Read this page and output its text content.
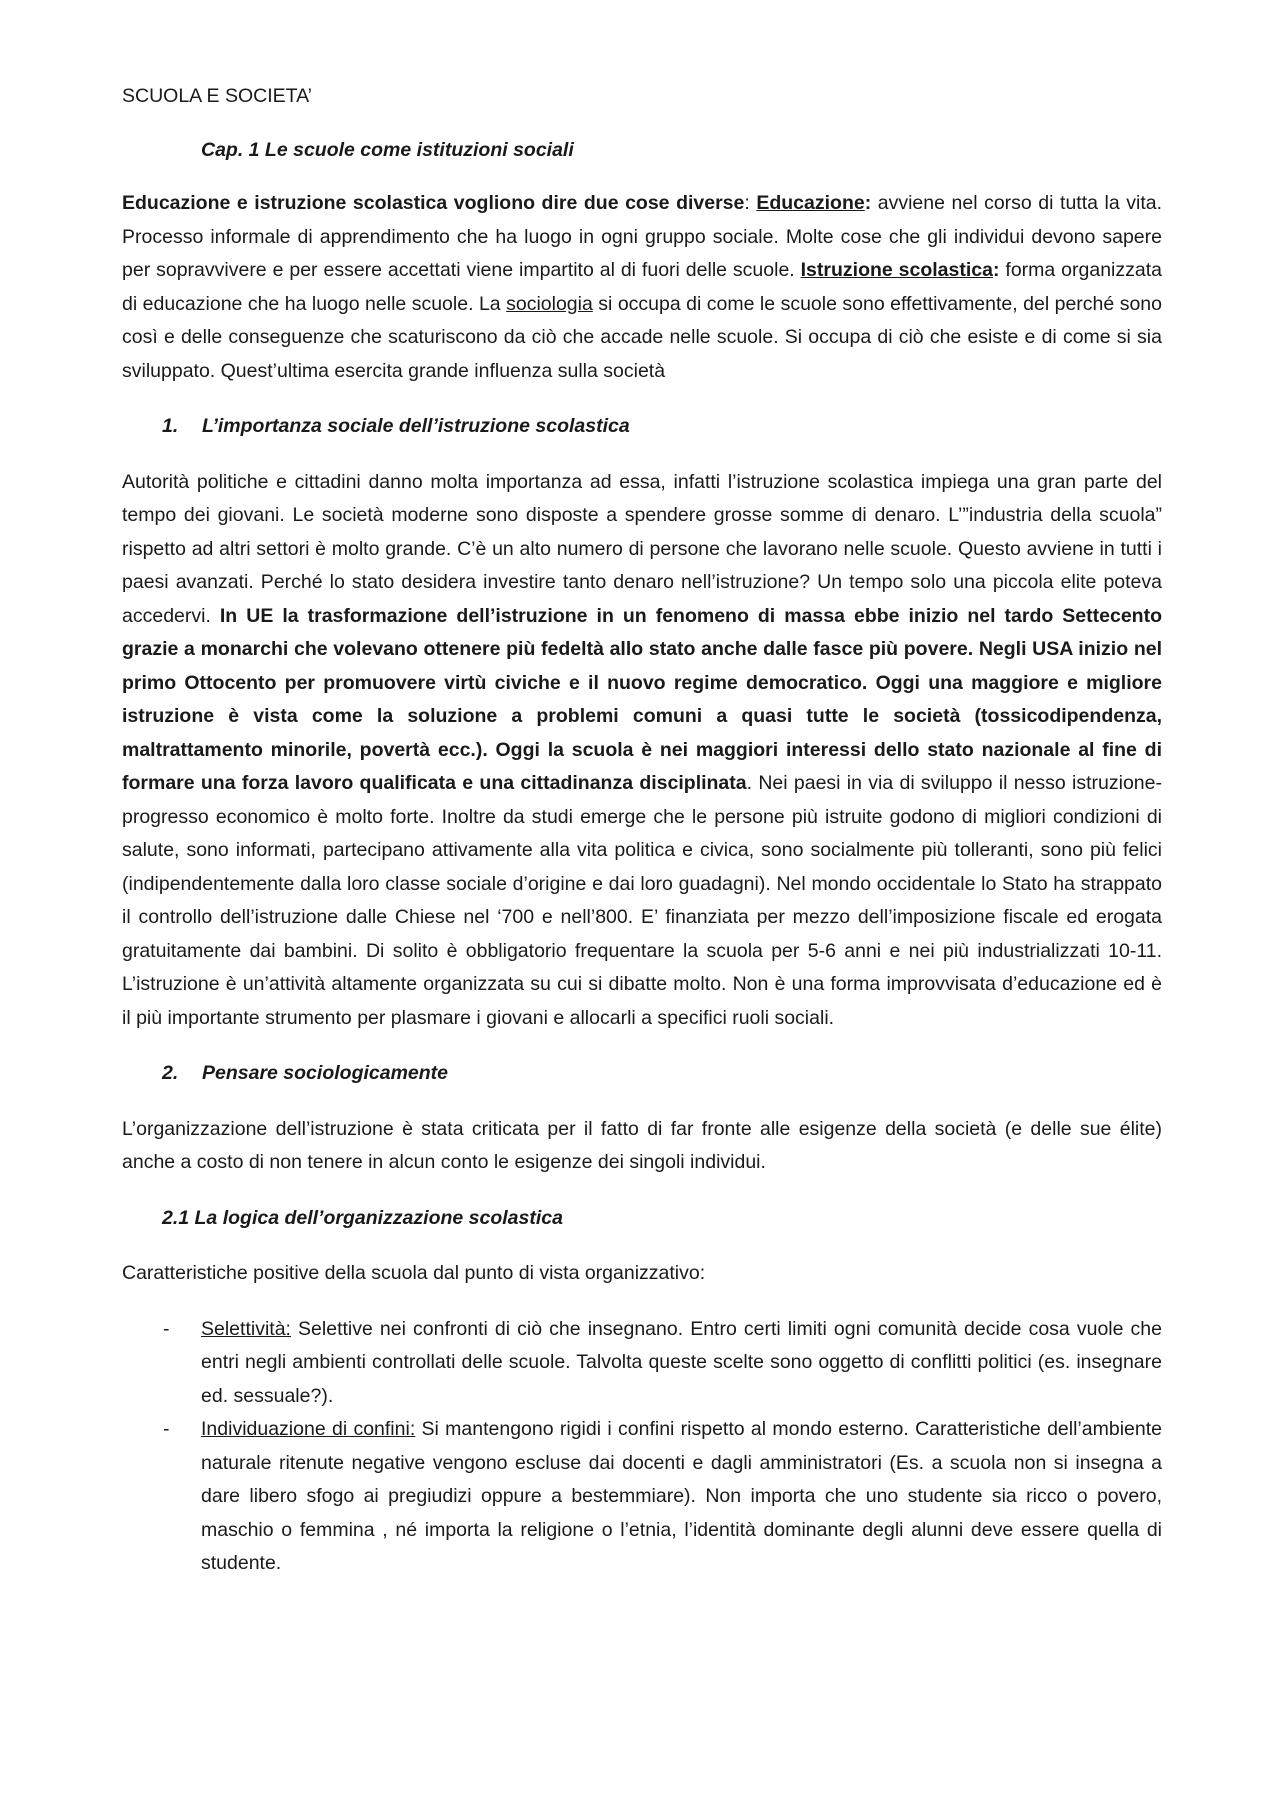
SCUOLA E SOCIETA’
Cap. 1 Le scuole come istituzioni sociali

Educazione e istruzione scolastica vogliono dire due cose diverse: Educazione: avviene nel corso di tutta la vita. Processo informale di apprendimento che ha luogo in ogni gruppo sociale. Molte cose che gli individui devono sapere per sopravvivere e per essere accettati viene impartito al di fuori delle scuole. Istruzione scolastica: forma organizzata di educazione che ha luogo nelle scuole. La sociologia si occupa di come le scuole sono effettivamente, del perché sono così e delle conseguenze che scaturiscono da ciò che accade nelle scuole. Si occupa di ciò che esiste e di come si sia sviluppato. Quest’ultima esercita grande influenza sulla società

1. L’importanza sociale dell’istruzione scolastica

Autorità politiche e cittadini danno molta importanza ad essa, infatti l’istruzione scolastica impiega una gran parte del tempo dei giovani. Le società moderne sono disposte a spendere grosse somme di denaro. L’”industria della scuola” rispetto ad altri settori è molto grande. C’è un alto numero di persone che lavorano nelle scuole. Questo avviene in tutti i paesi avanzati. Perché lo stato desidera investire tanto denaro nell’istruzione? Un tempo solo una piccola elite poteva accedervi. In UE la trasformazione dell’istruzione in un fenomeno di massa ebbe inizio nel tardo Settecento grazie a monarchi che volevano ottenere più fedeltà allo stato anche dalle fasce più povere. Negli USA inizio nel primo Ottocento per promuovere virtù civiche e il nuovo regime democratico. Oggi una maggiore e migliore istruzione è vista come la soluzione a problemi comuni a quasi tutte le società (tossicodipendenza, maltrattamento minorile, povertà ecc.). Oggi la scuola è nei maggiori interessi dello stato nazionale al fine di formare una forza lavoro qualificata e una cittadinanza disciplinata. Nei paesi in via di sviluppo il nesso istruzione-progresso economico è molto forte. Inoltre da studi emerge che le persone più istruite godono di migliori condizioni di salute, sono informati, partecipano attivamente alla vita politica e civica, sono socialmente più tolleranti, sono più felici (indipendentemente dalla loro classe sociale d’origine e dai loro guadagni). Nel mondo occidentale lo Stato ha strappato il controllo dell’istruzione dalle Chiese nel ‘700 e nell’800. E’ finanziata per mezzo dell’imposizione fiscale ed erogata gratuitamente dai bambini. Di solito è obbligatorio frequentare la scuola per 5-6 anni e nei più industrializzati 10-11. L’istruzione è un’attività altamente organizzata su cui si dibatte molto. Non è una forma improvvisata d’educazione ed è il più importante strumento per plasmare i giovani e allocarli a specifici ruoli sociali.

2. Pensare sociologicamente

L’organizzazione dell’istruzione è stata criticata per il fatto di far fronte alle esigenze della società (e delle sue élite) anche a costo di non tenere in alcun conto le esigenze dei singoli individui.

2.1 La logica dell’organizzazione scolastica

Caratteristiche positive della scuola dal punto di vista organizzativo:

- Selettività: Selettive nei confronti di ciò che insegnano. Entro certi limiti ogni comunità decide cosa vuole che entri negli ambienti controllati delle scuole. Talvolta queste scelte sono oggetto di conflitti politici (es. insegnare ed. sessuale?).
- Individuazione di confini: Si mantengono rigidi i confini rispetto al mondo esterno. Caratteristiche dell’ambiente naturale ritenute negative vengono escluse dai docenti e dagli amministratori (Es. a scuola non si insegna a dare libero sfogo ai pregiudizi oppure a bestemmiare). Non importa che uno studente sia ricco o povero, maschio o femmina , né importa la religione o l’etnia, l’identità dominante degli alunni deve essere quella di studente.
